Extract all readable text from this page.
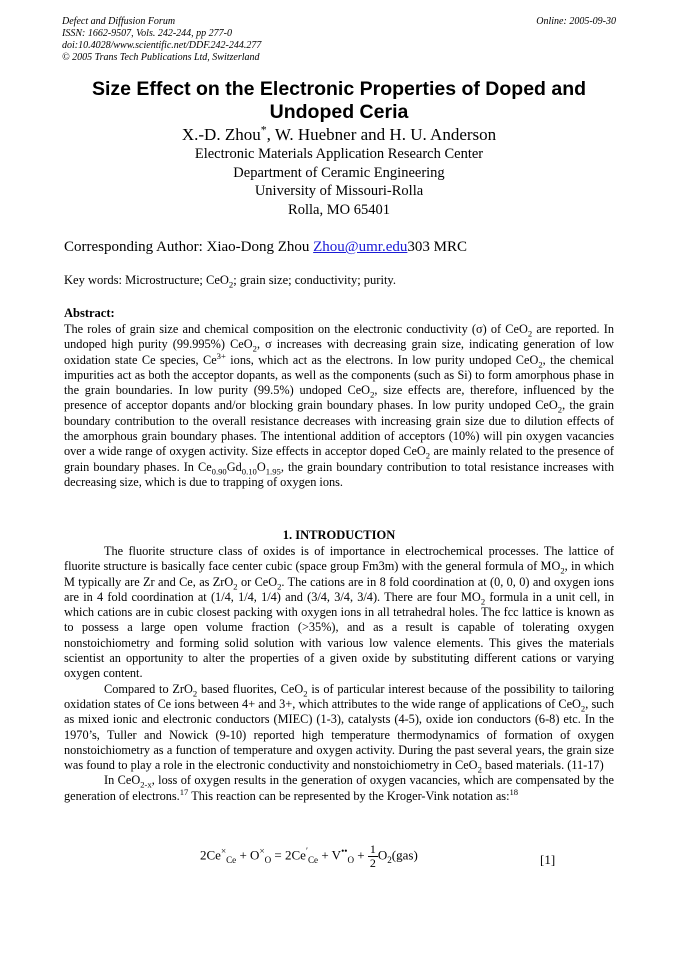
Defect and Diffusion Forum
ISSN: 1662-9507, Vols. 242-244, pp 277-0
doi:10.4028/www.scientific.net/DDF.242-244.277
© 2005 Trans Tech Publications Ltd, Switzerland
Online: 2005-09-30
Size Effect on the Electronic Properties of Doped and Undoped Ceria
X.-D. Zhou*, W. Huebner and H. U. Anderson
Electronic Materials Application Research Center
Department of Ceramic Engineering
University of Missouri-Rolla
Rolla, MO 65401
Corresponding Author: Xiao-Dong Zhou Zhou@umr.edu303 MRC
Key words: Microstructure; CeO$_2$; grain size; conductivity; purity.
Abstract:

The roles of grain size and chemical composition on the electronic conductivity (σ) of CeO$_2$ are reported. In undoped high purity (99.995%) CeO$_2$, σ increases with decreasing grain size, indicating generation of low oxidation state Ce species, $Ce^{3+}$ ions, which act as the electrons. In low purity undoped CeO$_2$, the chemical impurities act as both the acceptor dopants, as well as the components (such as Si) to form amorphous phase in the grain boundaries. In low purity (99.5%) undoped CeO$_2$, size effects are, therefore, influenced by the presence of acceptor dopants and/or blocking grain boundary phases. In low purity undoped CeO$_2$, the grain boundary contribution to the overall resistance decreases with increasing grain size due to dilution effects of the amorphous grain boundary phases. The intentional addition of acceptors (10%) will pin oxygen vacancies over a wide range of oxygen activity. Size effects in acceptor doped CeO$_2$ are mainly related to the presence of grain boundary phases. In $Ce_{0.90}Gd_{0.10}O_{1.95}$, the grain boundary contribution to total resistance increases with decreasing size, which is due to trapping of oxygen ions.

1. INTRODUCTION

The fluorite structure class of oxides is of importance in electrochemical processes. The lattice of fluorite structure is basically face center cubic (space group Fm3m) with the general formula of $MO_2$, in which M typically are Zr and Ce, as ZrO$_2$ or CeO$_2$. The cations are in 8 fold coordination at (0, 0, 0) and oxygen ions are in 4 fold coordination at (1/4, 1/4, 1/4) and (3/4, 3/4, 3/4). There are four $MO_2$ formula in a unit cell, in which cations are in cubic closest packing with oxygen ions in all tetrahedral holes. The fcc lattice is known as to possess a large open volume fraction (>35%), and as a result is capable of tolerating oxygen nonstoichiometry and forming solid solution with various low valence elements. This gives the materials scientist an opportunity to alter the properties of a given oxide by substituting different cations or varying oxygen content.

Compared to ZrO$_2$ based fluorites, CeO$_2$ is of particular interest because of the possibility to tailoring oxidation states of Ce ions between 4+ and 3+, which attributes to the wide range of applications of CeO$_2$, such as mixed ionic and electronic conductors (MIEC) (1-3), catalysts (4-5), oxide ion conductors (6-8) etc. In the 1970’s, Tuller and Nowick (9-10) reported high temperature thermodynamics of formation of oxygen nonstoichiometry as a function of temperature and oxygen activity. During the past several years, the grain size was found to play a role in the electronic conductivity and nonstoichiometry in CeO$_2$ based materials. (11-17)

In CeO$_{2-x}$, loss of oxygen results in the generation of oxygen vacancies, which are compensated by the generation of electrons.$^{17}$ This reaction can be represented by the Kroger-Vink notation as:$^{18}$

$2Ce^\times_{Ce} + O^\times_O = 2Ce'_{Ce} + V^{••}_O + \frac{1}{2} O_2(gas)$	[1]
